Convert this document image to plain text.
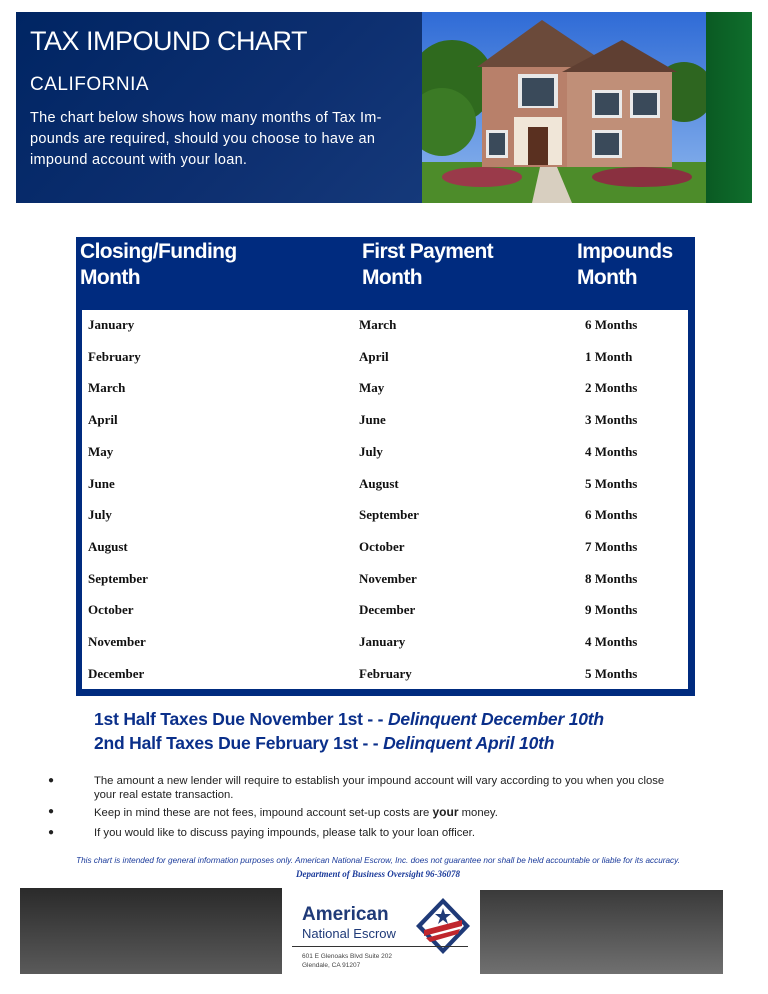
TAX IMPOUND CHART
CALIFORNIA
The chart below shows how many months of Tax Im-
pounds are required, should you choose to have an
impound account with your loan.
Closing/Funding
Month
First Payment
Month
Impounds
Month
January	March	6 Months
February	April	1 Month
March	May	2 Months
April	June	3 Months
May	July	4 Months
June	August	5 Months
July	September	6 Months
August	October	7 Months
September	November	8 Months
October	December	9 Months
November	January	4 Months
December	February	5 Months
1st Half Taxes Due November 1st - - Delinquent December 10th
2nd Half Taxes Due February 1st - - Delinquent April 10th
●	The amount a new lender will require to establish your impound account will vary according to you when you close
your real estate transaction.
●	Keep in mind these are not fees, impound account set-up costs are your money.
●	If you would like to discuss paying impounds, please talk to your loan officer.
This chart is intended for general information purposes only. American National Escrow, Inc. does not guarantee nor shall be held accountable or liable for its accuracy.
Department of Business Oversight 96-36078
American
National Escrow
601 E Glenoaks Blvd Suite 202
Glendale, CA 91207
